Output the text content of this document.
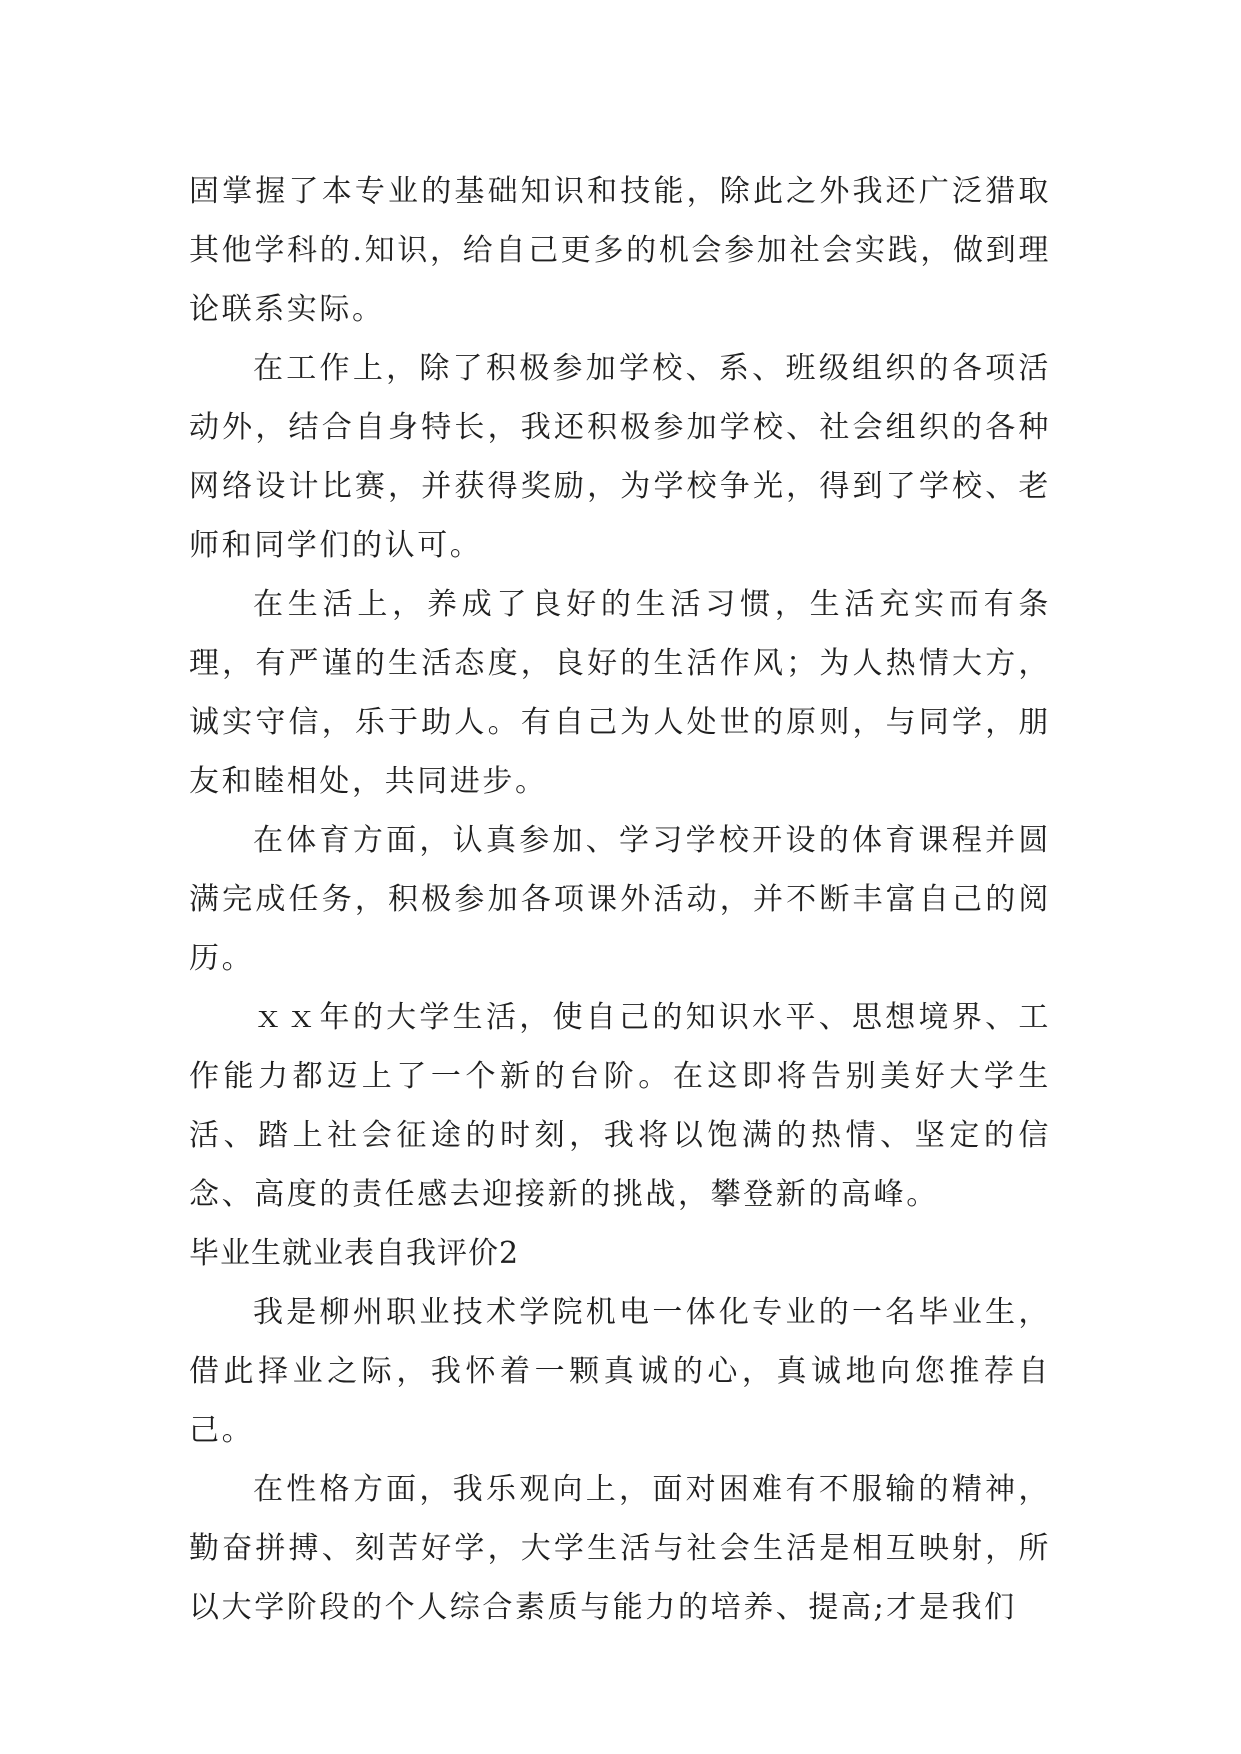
固掌握了本专业的基础知识和技能，除此之外我还广泛猎取其他学科的.知识，给自己更多的机会参加社会实践，做到理论联系实际。

在工作上，除了积极参加学校、系、班级组织的各项活动外，结合自身特长，我还积极参加学校、社会组织的各种网络设计比赛，并获得奖励，为学校争光，得到了学校、老师和同学们的认可。

在生活上，养成了良好的生活习惯，生活充实而有条理，有严谨的生活态度，良好的生活作风；为人热情大方，诚实守信，乐于助人。有自己为人处世的原则，与同学，朋友和睦相处，共同进步。

在体育方面，认真参加、学习学校开设的体育课程并圆满完成任务，积极参加各项课外活动，并不断丰富自己的阅历。

ｘｘ年的大学生活，使自己的知识水平、思想境界、工作能力都迈上了一个新的台阶。在这即将告别美好大学生活、踏上社会征途的时刻，我将以饱满的热情、坚定的信念、高度的责任感去迎接新的挑战，攀登新的高峰。

毕业生就业表自我评价2

我是柳州职业技术学院机电一体化专业的一名毕业生，借此择业之际，我怀着一颗真诚的心，真诚地向您推荐自己。

在性格方面，我乐观向上，面对困难有不服输的精神，勤奋拼搏、刻苦好学，大学生活与社会生活是相互映射，所以大学阶段的个人综合素质与能力的培养、提高;才是我们
